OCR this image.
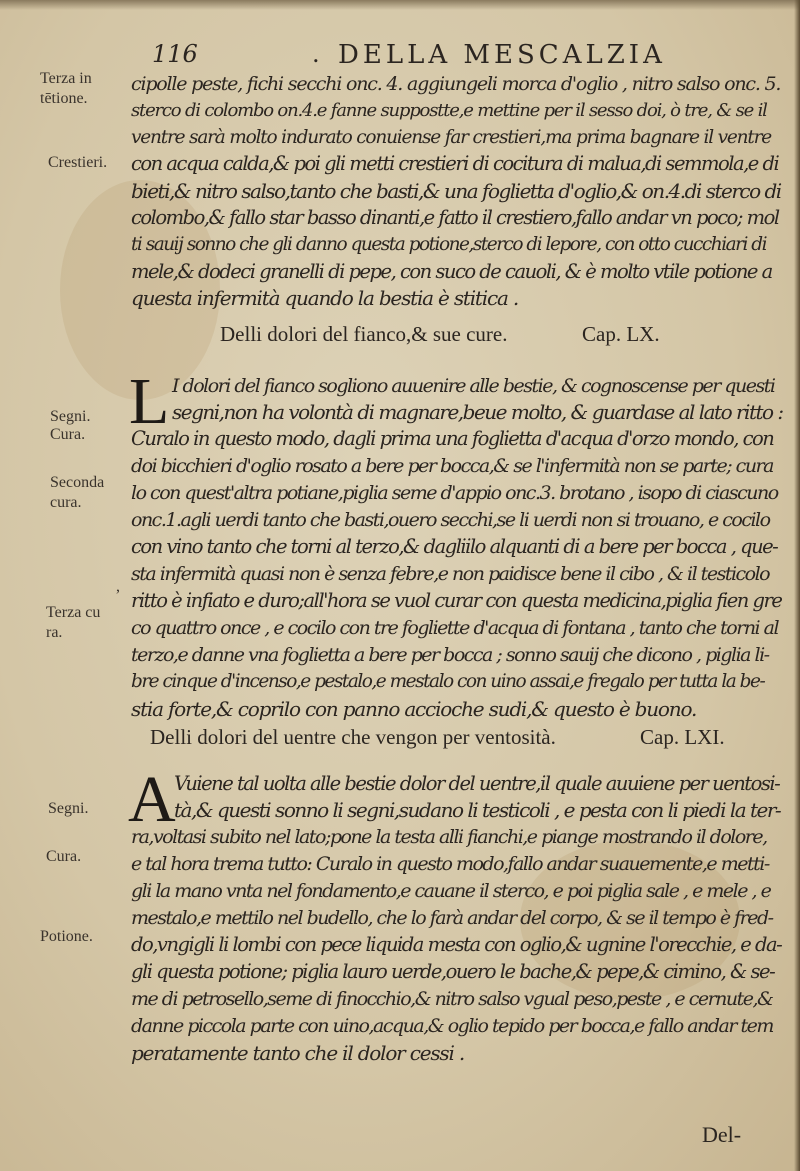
116	. DELLA MESCALZIA
Terza in
tētione.
Crestieri.
cipolle peste, fichi secchi onc. 4. aggiungeli morca d'oglio , nitro salso onc. 5.
sterco di colombo on.4.e fanne suppostte,e mettine per il sesso doi, ò tre, & se il
ventre sarà molto indurato conuiense far crestieri,ma prima bagnare il ventre
con acqua calda,& poi gli metti crestieri di cocitura di malua,di semmola,e di
bieti,& nitro salso,tanto che basti,& una foglietta d'oglio,& on.4.di sterco di
colombo,& fallo star basso dinanti,e fatto il crestiero,fallo andar vn poco; mol
ti sauij sonno che gli danno questa potione,sterco di lepore, con otto cucchiari di
mele,& dodeci granelli di pepe, con suco de cauoli, & è molto vtile potione a
questa infermità quando la bestia è stitica .
Delli dolori del fianco,& sue cure.	Cap. LX.
L
Segni.
Cura.
Seconda
cura.
,
Terza cu
ra.
I dolori del fianco sogliono auuenire alle bestie, & cognoscense per questi
segni,non ha volontà di magnare,beue molto, & guardase al lato ritto :
Curalo in questo modo, dagli prima una foglietta d'acqua d'orzo mondo, con
doi bicchieri d'oglio rosato a bere per bocca,& se l'infermità non se parte; cura
lo con quest'altra potiane,piglia seme d'appio onc.3. brotano , isopo di ciascuno
onc.1.agli uerdi tanto che basti,ouero secchi,se li uerdi non si trouano, e cocilo
con vino tanto che torni al terzo,& dagliilo alquanti di a bere per bocca , que-
sta infermità quasi non è senza febre,e non paidisce bene il cibo , & il testicolo
ritto è infiato e duro;all'hora se vuol curar con questa medicina,piglia fien gre
co quattro once , e cocilo con tre fogliette d'acqua di fontana , tanto che torni al
terzo,e danne vna foglietta a bere per bocca ; sonno sauij che dicono , piglia li-
bre cinque d'incenso,e pestalo,e mestalo con uino assai,e fregalo per tutta la be-
stia forte,& coprilo con panno accioche sudi,& questo è buono.
Delli dolori del uentre che vengon per ventosità.	Cap. LXI.
A
Segni.
Cura.
Potione.
Vuiene tal uolta alle bestie dolor del uentre,il quale auuiene per uentosi-
tà,& questi sonno li segni,sudano li testicoli , e pesta con li piedi la ter-
ra,voltasi subito nel lato;pone la testa alli fianchi,e piange mostrando il dolore,
e tal hora trema tutto: Curalo in questo modo,fallo andar suauemente,e metti-
gli la mano vnta nel fondamento,e cauane il sterco, e poi piglia sale , e mele , e
mestalo,e mettilo nel budello, che lo farà andar del corpo, & se il tempo è fred-
do,vngigli li lombi con pece liquida mesta con oglio,& ugnine l'orecchie, e da-
gli questa potione; piglia lauro uerde,ouero le bache,& pepe,& cimino, & se-
me di petrosello,seme di finocchio,& nitro salso vgual peso,peste , e cernute,&
danne piccola parte con uino,acqua,& oglio tepido per bocca,e fallo andar tem
peratamente tanto che il dolor cessi .
Del-
